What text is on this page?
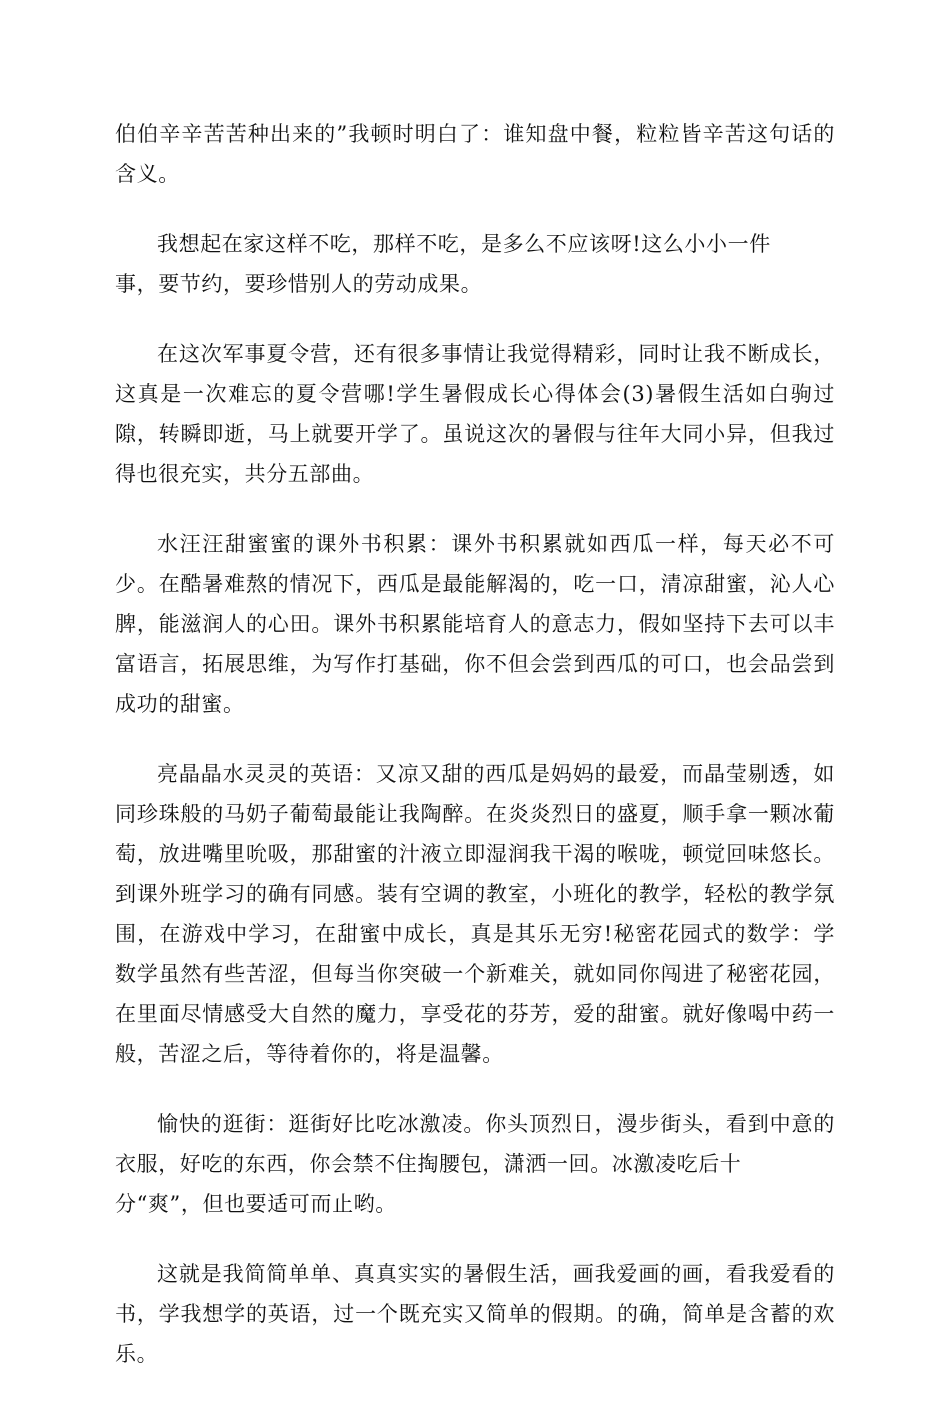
伯伯辛辛苦苦种出来的”我顿时明白了：谁知盘中餐，粒粒皆辛苦这句话的含义。

我想起在家这样不吃，那样不吃，是多么不应该呀!这么小小一件
事，要节约，要珍惜别人的劳动成果。

在这次军事夏令营，还有很多事情让我觉得精彩，同时让我不断成长，这真是一次难忘的夏令营哪!学生暑假成长心得体会(3)暑假生活如白驹过隙，转瞬即逝，马上就要开学了。虽说这次的暑假与往年大同小异，但我过得也很充实，共分五部曲。

水汪汪甜蜜蜜的课外书积累：课外书积累就如西瓜一样，每天必不可少。在酷暑难熬的情况下，西瓜是最能解渴的，吃一口，清凉甜蜜，沁人心脾，能滋润人的心田。课外书积累能培育人的意志力，假如坚持下去可以丰富语言，拓展思维，为写作打基础，你不但会尝到西瓜的可口，也会品尝到成功的甜蜜。

亮晶晶水灵灵的英语：又凉又甜的西瓜是妈妈的最爱，而晶莹剔透，如同珍珠般的马奶子葡萄最能让我陶醉。在炎炎烈日的盛夏，顺手拿一颗冰葡萄，放进嘴里吮吸，那甜蜜的汁液立即湿润我干渴的喉咙，顿觉回味悠长。到课外班学习的确有同感。装有空调的教室，小班化的教学，轻松的教学氛围，在游戏中学习，在甜蜜中成长，真是其乐无穷!秘密花园式的数学：学数学虽然有些苦涩，但每当你突破一个新难关，就如同你闯进了秘密花园，在里面尽情感受大自然的魔力，享受花的芬芳，爱的甜蜜。就好像喝中药一般，苦涩之后，等待着你的，将是温馨。

愉快的逛街：逛街好比吃冰激凌。你头顶烈日，漫步街头，看到中意的衣服，好吃的东西，你会禁不住掏腰包，潇洒一回。冰激凌吃后十
分“爽”，但也要适可而止哟。

这就是我简简单单、真真实实的暑假生活，画我爱画的画，看我爱看的书，学我想学的英语，过一个既充实又简单的假期。的确，简单是含蓄的欢乐。
